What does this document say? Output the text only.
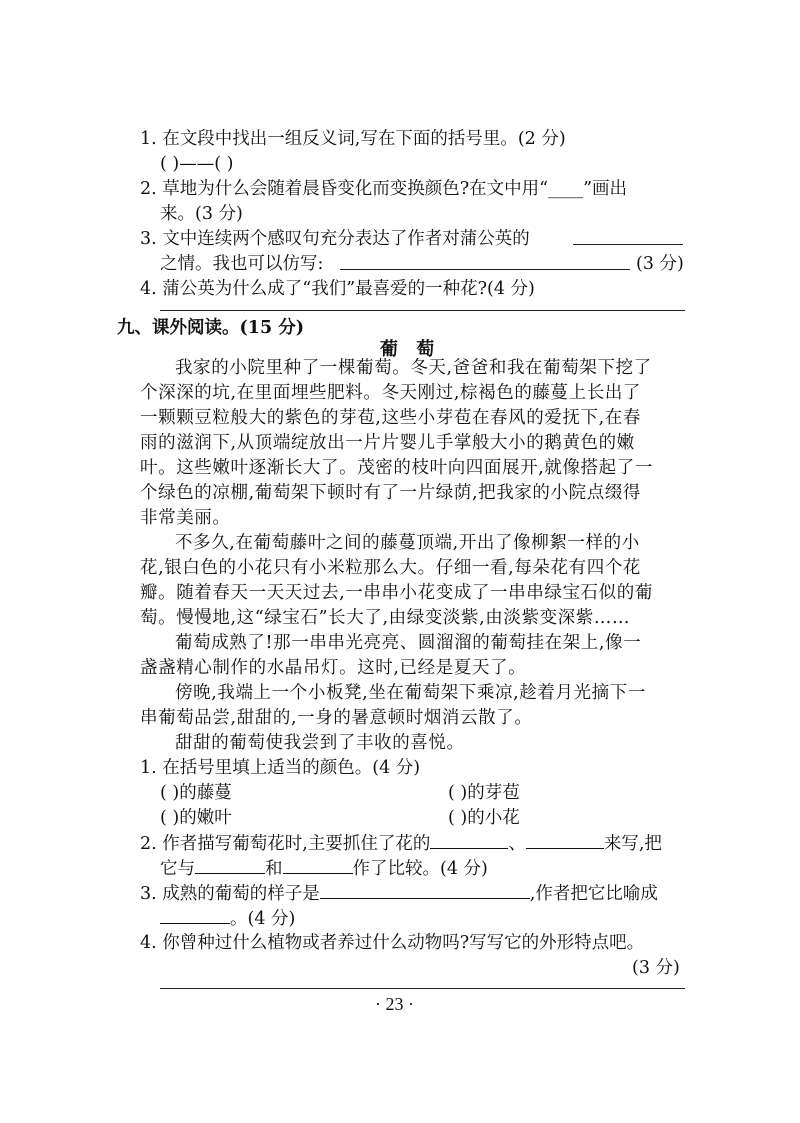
1. 在文段中找出一组反义词,写在下面的括号里。(2 分)
( )——( )
2. 草地为什么会随着晨昏变化而变换颜色?在文中用“____”画出
来。(3 分)
3. 文中连续两个感叹句充分表达了作者对蒲公英的
之情。我也可以仿写:	(3 分)
4. 蒲公英为什么成了“我们”最喜爱的一种花?(4 分)
九、课外阅读。(15 分)
葡 萄
我家的小院里种了一棵葡萄。冬天,爸爸和我在葡萄架下挖了
个深深的坑,在里面埋些肥料。冬天刚过,棕褐色的藤蔓上长出了
一颗颗豆粒般大的紫色的芽苞,这些小芽苞在春风的爱抚下,在春
雨的滋润下,从顶端绽放出一片片婴儿手掌般大小的鹅黄色的嫩
叶。这些嫩叶逐渐长大了。茂密的枝叶向四面展开,就像搭起了一
个绿色的凉棚,葡萄架下顿时有了一片绿荫,把我家的小院点缀得
非常美丽。
不多久,在葡萄藤叶之间的藤蔓顶端,开出了像柳絮一样的小
花,银白色的小花只有小米粒那么大。仔细一看,每朵花有四个花
瓣。随着春天一天天过去,一串串小花变成了一串串绿宝石似的葡
萄。慢慢地,这“绿宝石”长大了,由绿变淡紫,由淡紫变深紫……
葡萄成熟了!那一串串光亮亮、圆溜溜的葡萄挂在架上,像一
盏盏精心制作的水晶吊灯。这时,已经是夏天了。
傍晚,我端上一个小板凳,坐在葡萄架下乘凉,趁着月光摘下一
串葡萄品尝,甜甜的,一身的暑意顿时烟消云散了。
甜甜的葡萄使我尝到了丰收的喜悦。
1. 在括号里填上适当的颜色。(4 分)
( )的藤蔓	( )的芽苞
( )的嫩叶	( )的小花
2. 作者描写葡萄花时,主要抓住了花的	、	来写,把
它与	和	作了比较。(4 分)
3. 成熟的葡萄的样子是	,作者把它比喻成
。(4 分)
4. 你曾种过什么植物或者养过什么动物吗?写写它的外形特点吧。
(3 分)
· 23 ·
